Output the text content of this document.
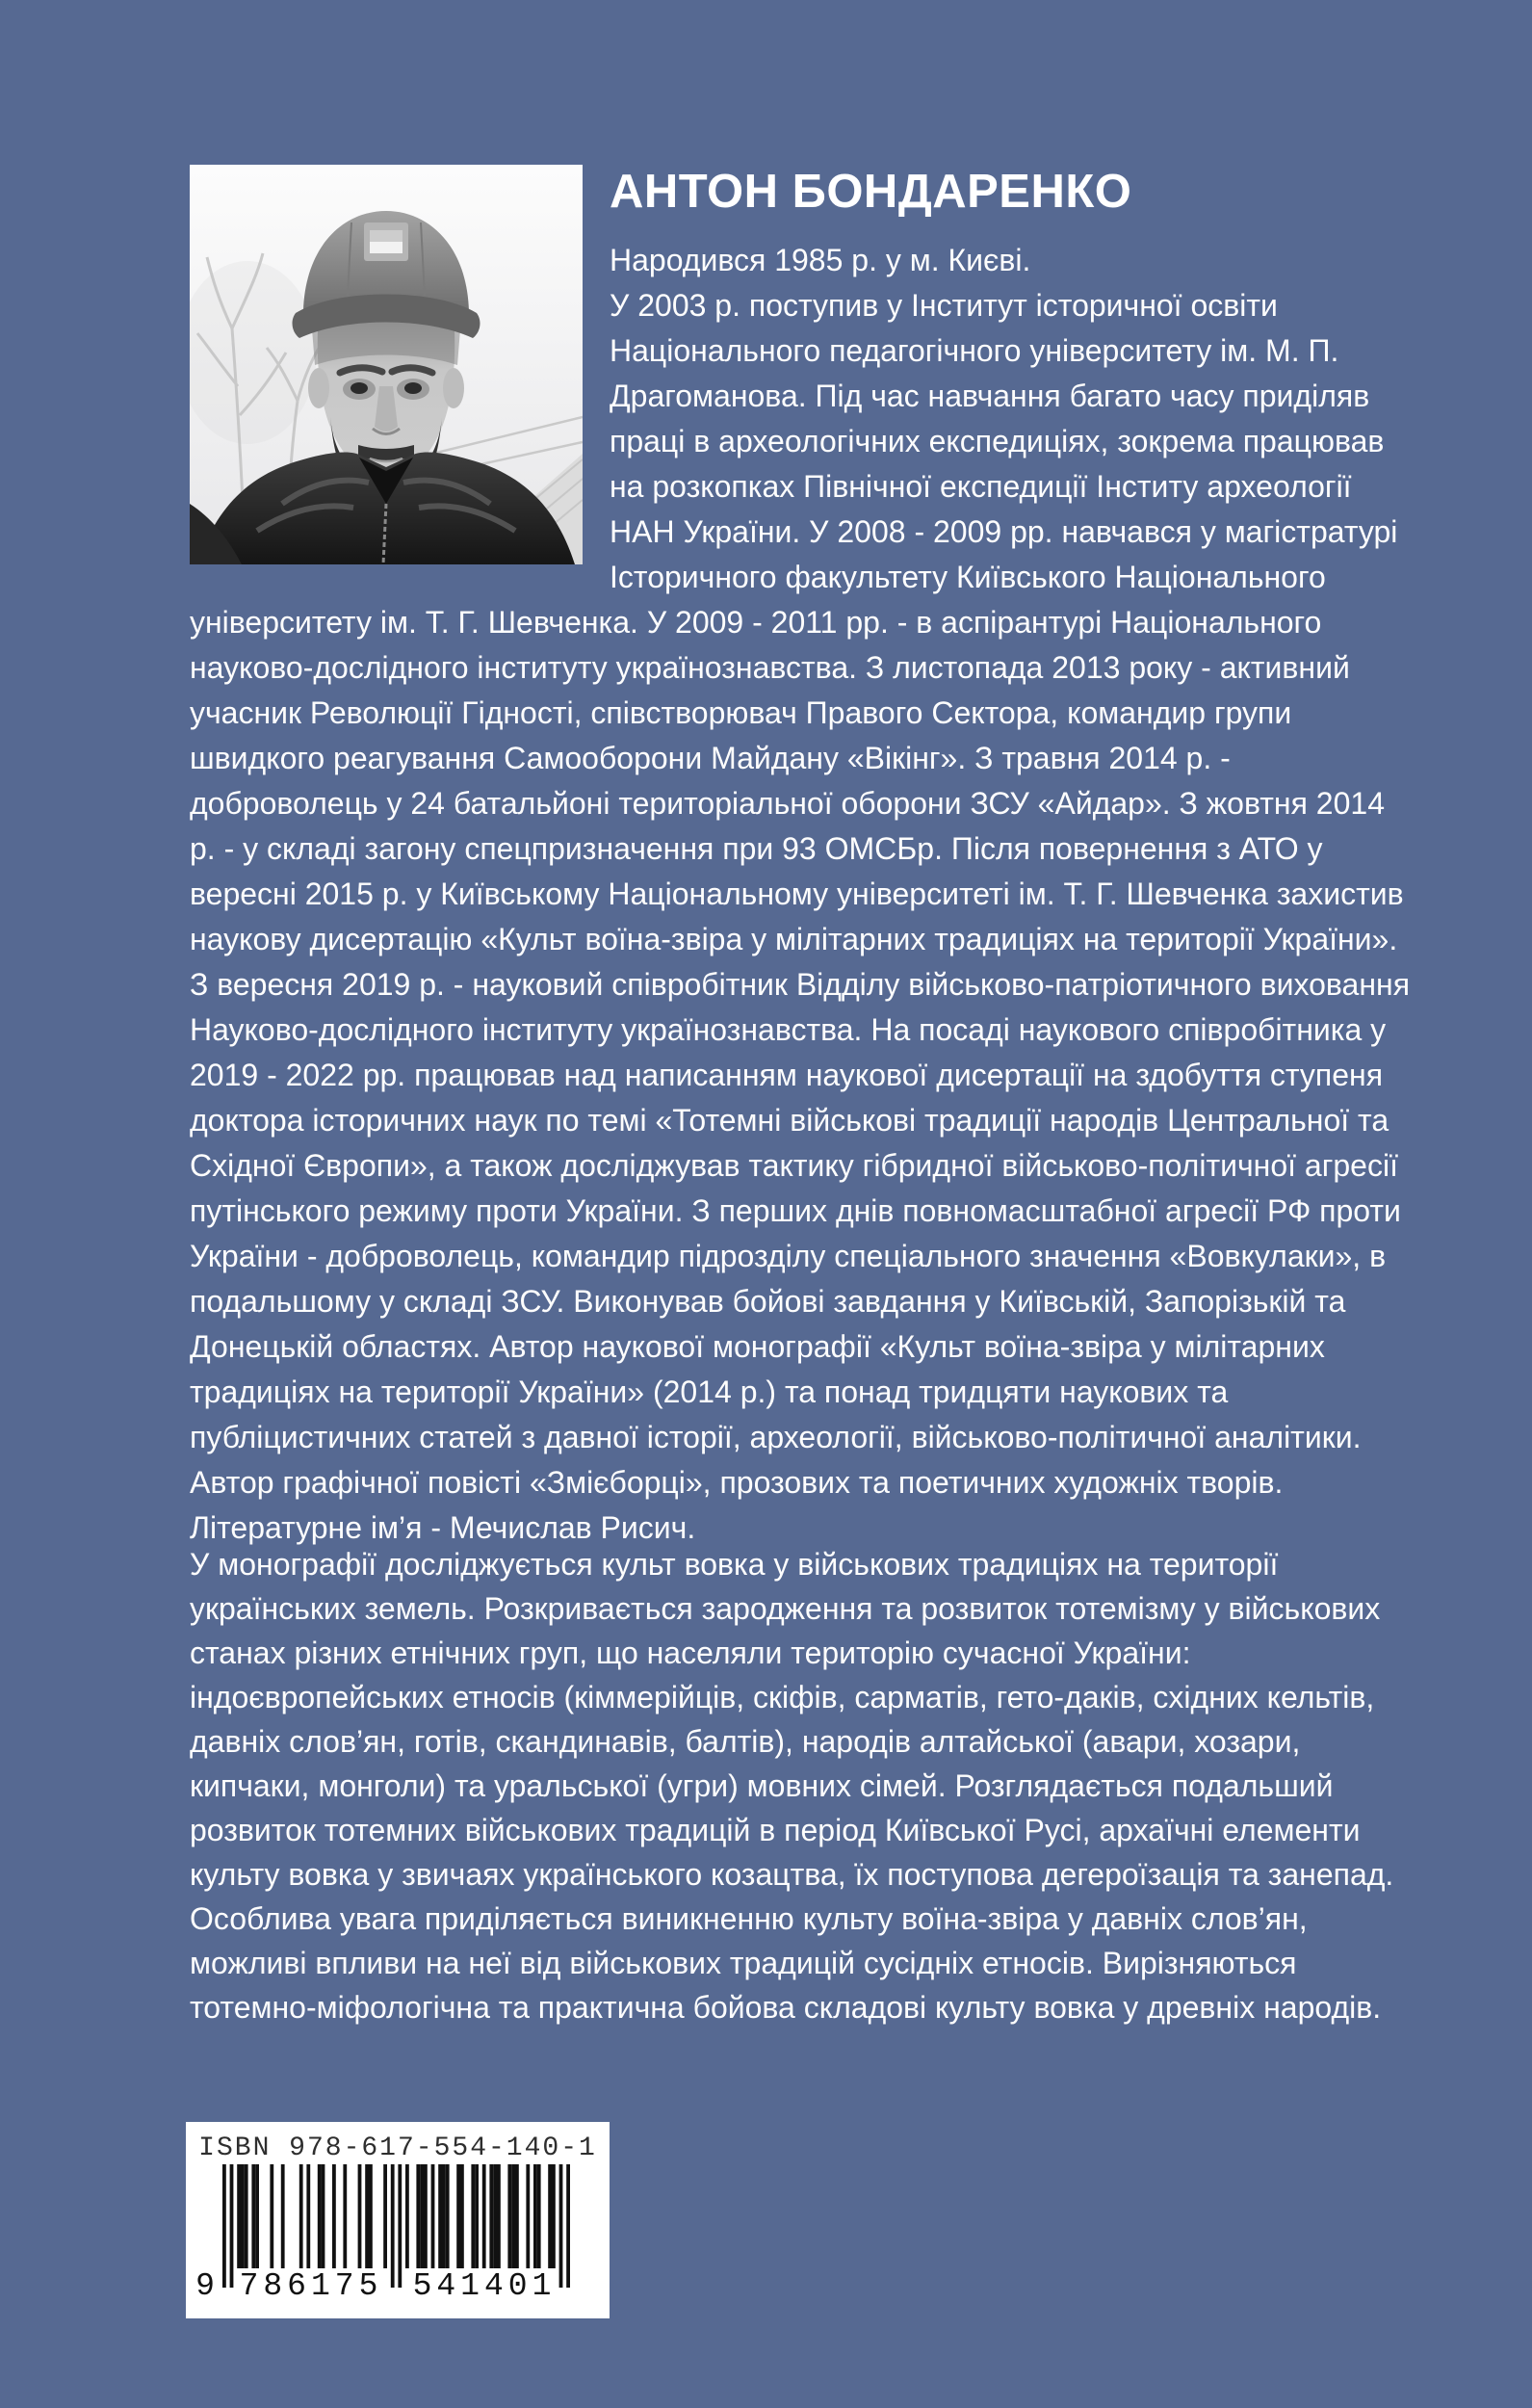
АНТОН БОНДАРЕНКО

Народився 1985 р. у м. Києві.

У 2003 р. поступив у Інститут історичної освіти Національного педагогічного університету ім. М. П. Драгоманова. Під час навчання багато часу приділяв праці в археологічних експедиціях, зокрема працював на розкопках Північної експедиції Інститу археології НАН України. У 2008 - 2009 рр. навчався у магістратурі Історичного факультету Київського Національного університету ім. Т. Г. Шевченка. У 2009 - 2011 рр. - в аспірантурі Національного науково-дослідного інституту українознавства. З листопада 2013 року - активний учасник Революції Гідності, співстворювач Правого Сектора, командир групи швидкого реагування Самооборони Майдану «Вікінг». З травня 2014 р. - доброволець у 24 батальйоні територіальної оборони ЗСУ «Айдар». З жовтня 2014 р. - у складі загону спецпризначення при 93 ОМСБр. Після повернення з АТО у вересні 2015 р. у Київському Національному університеті ім. Т. Г. Шевченка захистив наукову дисертацію «Культ воїна-звіра у мілітарних традиціях на території України». З вересня 2019 р. - науковий співробітник Відділу військово-патріотичного виховання Науково-дослідного інституту українознавства. На посаді наукового співробітника у 2019 - 2022 рр. працював над написанням наукової дисертації на здобуття ступеня доктора історичних наук по темі «Тотемні військові традиції народів Центральної та Східної Європи», а також досліджував тактику гібридної військово-політичної агресії путінського режиму проти України. З перших днів повномасштабної агресії РФ проти України - доброволець, командир підрозділу спеціального значення «Вовкулаки», в подальшому у складі ЗСУ. Виконував бойові завдання у Київській, Запорізькій та Донецькій областях. Автор наукової монографії «Культ воїна-звіра у мілітарних традиціях на території України» (2014 р.) та понад тридцяти наукових та публіцистичних статей з давної історії, археології, військово-політичної аналітики. Автор графічної повісті «Змієборці», прозових та поетичних художніх творів. Літературне ім’я - Мечислав Рисич.

У монографії досліджується культ вовка у військових традиціях на території українських земель. Розкривається зародження та розвиток тотемізму у військових станах різних етнічних груп, що населяли територію сучасної України: індоєвропейських етносів (кіммерійців, скіфів, сарматів, гето-даків, східних кельтів, давніх слов’ян, готів, скандинавів, балтів), народів алтайської (авари, хозари, кипчаки, монголи) та уральської (угри) мовних сімей. Розглядається подальший розвиток тотемних військових традицій в період Київської Русі, архаїчні елементи культу вовка у звичаях українського козацтва, їх поступова дегероїзація та занепад. Особлива увага приділяється виникненню культу воїна-звіра у давніх слов’ян, можливі впливи на неї від військових традицій сусідніх етносів. Вирізняються тотемно-міфологічна та практична бойова складові культу вовка у древніх народів.
ISBN 978-617-554-140-1
9 786175 541401
